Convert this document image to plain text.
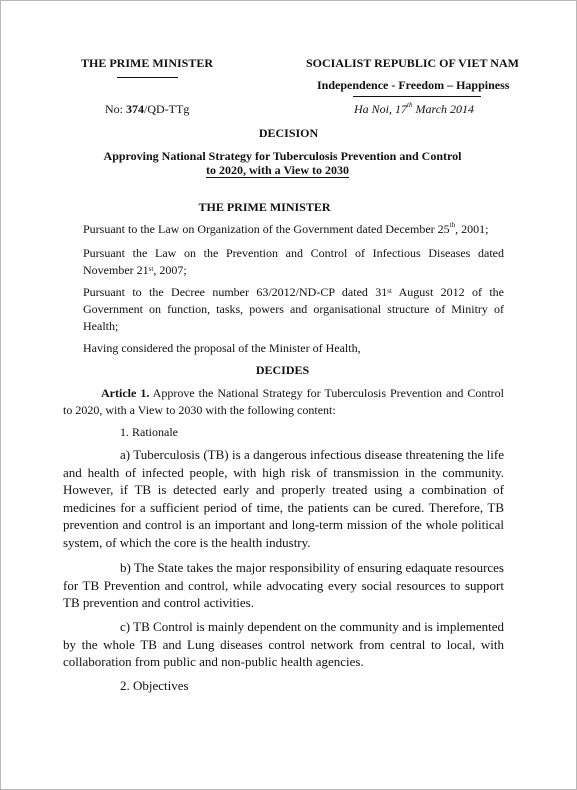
THE PRIME MINISTER
No: 374/QD-TTg
SOCIALIST REPUBLIC OF VIET NAM
Independence - Freedom – Happiness
Ha Noi, 17th March 2014
DECISION
Approving National Strategy for Tuberculosis Prevention and Control
to 2020, with a View to 2030
THE PRIME MINISTER
Pursuant to the Law on Organization of the Government dated December 25th, 2001;
Pursuant the Law on the Prevention and Control of Infectious Diseases dated November 21st, 2007;
Pursuant to the Decree number 63/2012/ND-CP dated 31st August 2012 of the Government on function, tasks, powers and organisational structure of Minitry of Health;
Having considered the proposal of the Minister of Health,
DECIDES
Article 1. Approve the National Strategy for Tuberculosis Prevention and Control to 2020, with a View to 2030 with the following content:
1. Rationale
a) Tuberculosis (TB) is a dangerous infectious disease threatening the life and health of infected people, with high risk of transmission in the community. However, if TB is detected early and properly treated using a combination of medicines for a sufficient period of time, the patients can be cured. Therefore, TB prevention and control is an important and long-term mission of the whole political system, of which the core is the health industry.
b) The State takes the major responsibility of ensuring edaquate resources for TB Prevention and control, while advocating every social resources to support TB prevention and control activities.
c) TB Control is mainly dependent on the community and is implemented by the whole TB and Lung diseases control network from central to local, with collaboration from public and non-public health agencies.
2. Objectives
